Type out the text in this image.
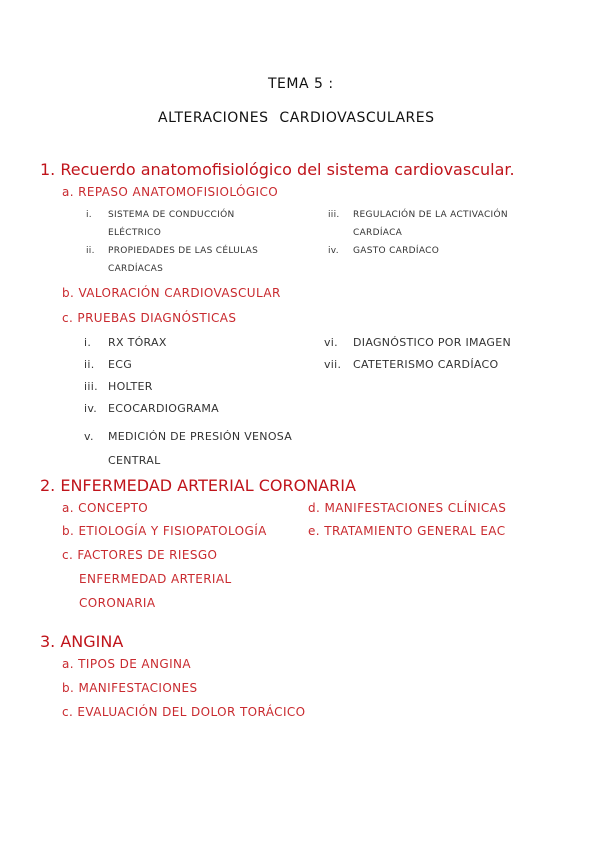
TEMA 5 :
ALTERACIONES CARDIOVASCULARES
1. Recuerdo anatomofisiológico del sistema cardiovascular.
a. REPASO ANATOMOFISIOLÓGICO
i. SISTEMA DE CONDUCCIÓN
ELÉCTRICO
ii. PROPIEDADES DE LAS CÉLULAS
CARDÍACAS
iii. REGULACIÓN DE LA ACTIVACIÓN
CARDÍACA
iv. GASTO CARDÍACO
b. VALORACIÓN CARDIOVASCULAR
c. PRUEBAS DIAGNÓSTICAS
i. RX TÓRAX
ii. ECG
iii. HOLTER
iv. ECOCARDIOGRAMA
v. MEDICIÓN DE PRESIÓN VENOSA
CENTRAL
vi. DIAGNÓSTICO POR IMAGEN
vii. CATETERISMO CARDÍACO
2. ENFERMEDAD ARTERIAL CORONARIA
a. CONCEPTO
b. ETIOLOGÍA Y FISIOPATOLOGÍA
c. FACTORES DE RIESGO
ENFERMEDAD ARTERIAL
CORONARIA
d. MANIFESTACIONES CLÍNICAS
e. TRATAMIENTO GENERAL EAC
3. ANGINA
a. TIPOS DE ANGINA
b. MANIFESTACIONES
c. EVALUACIÓN DEL DOLOR TORÁCICO
